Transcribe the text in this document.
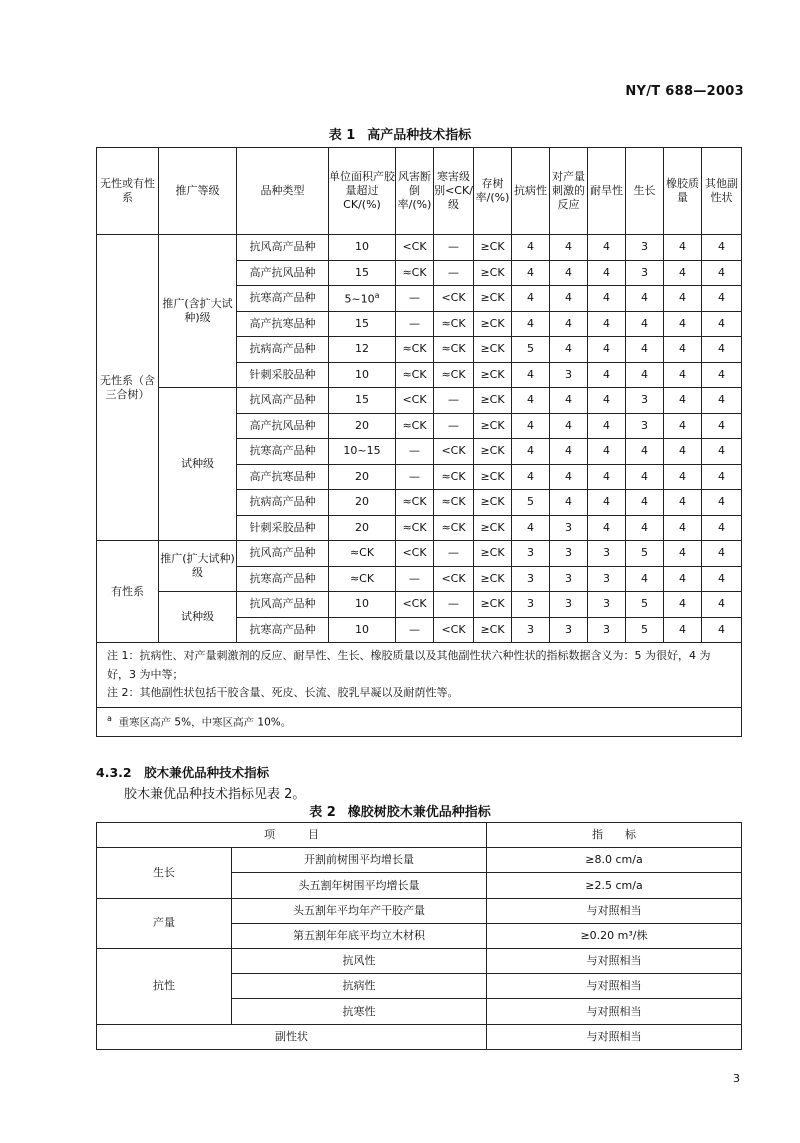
NY/T 688—2003
表 1 高产品种技术指标
无性或有性系	推广等级	品种类型	单位面积产胶量超过CK/(%)	风害断倒率/(%)	寒害级别<CK/级	存树率/(%)	抗病性	对产量刺激的反应	耐旱性	生长	橡胶质量	其他副性状
无性系（含三合树）	推广(含扩大试种)级	抗风高产品种	10	<CK	—	≥CK	4	4	4	3	4	4
		高产抗风品种	15	≈CK	—	≥CK	4	4	4	3	4	4
		抗寒高产品种	5~10$^a$	—	<CK	≥CK	4	4	4	4	4	4
		高产抗寒品种	15	—	≈CK	≥CK	4	4	4	4	4	4
		抗病高产品种	12	≈CK	≈CK	≥CK	5	4	4	4	4	4
		针刺采胶品种	10	≈CK	≈CK	≥CK	4	3	4	4	4	4
	试种级	抗风高产品种	15	<CK	—	≥CK	4	4	4	3	4	4
		高产抗风品种	20	≈CK	—	≥CK	4	4	4	3	4	4
		抗寒高产品种	10~15	—	<CK	≥CK	4	4	4	4	4	4
		高产抗寒品种	20	—	≈CK	≥CK	4	4	4	4	4	4
		抗病高产品种	20	≈CK	≈CK	≥CK	5	4	4	4	4	4
		针刺采胶品种	20	≈CK	≈CK	≥CK	4	3	4	4	4	4
有性系	推广(扩大试种)级	抗风高产品种	≈CK	<CK	—	≥CK	3	3	3	5	4	4
		抗寒高产品种	≈CK	—	<CK	≥CK	3	3	3	4	4	4
	试种级	抗风高产品种	10	<CK	—	≥CK	3	3	3	5	4	4
		抗寒高产品种	10	—	<CK	≥CK	3	3	3	5	4	4

注 1：抗病性、对产量刺激剂的反应、耐旱性、生长、橡胶质量以及其他副性状六种性状的指标数据含义为：5 为很好，4 为好，3 为中等；
注 2：其他副性状包括干胶含量、死皮、长流、胶乳早凝以及耐荫性等。												

$^a$ 重寒区高产 5%，中寒区高产 10%。												
4.3.2　胶木兼优品种技术指标
胶木兼优品种技术指标见表 2。
表 2 橡胶树胶木兼优品种指标
项　　　目		指　　标
生长	开割前树围平均增长量	≥8.0 cm/a
	头五割年树围平均增长量	≥2.5 cm/a
产量	头五割年平均年产干胶产量	与对照相当
	第五割年年底平均立木材积	≥0.20 m³/株
抗性	抗风性	与对照相当
	抗病性	与对照相当
	抗寒性	与对照相当
副性状		与对照相当
3
